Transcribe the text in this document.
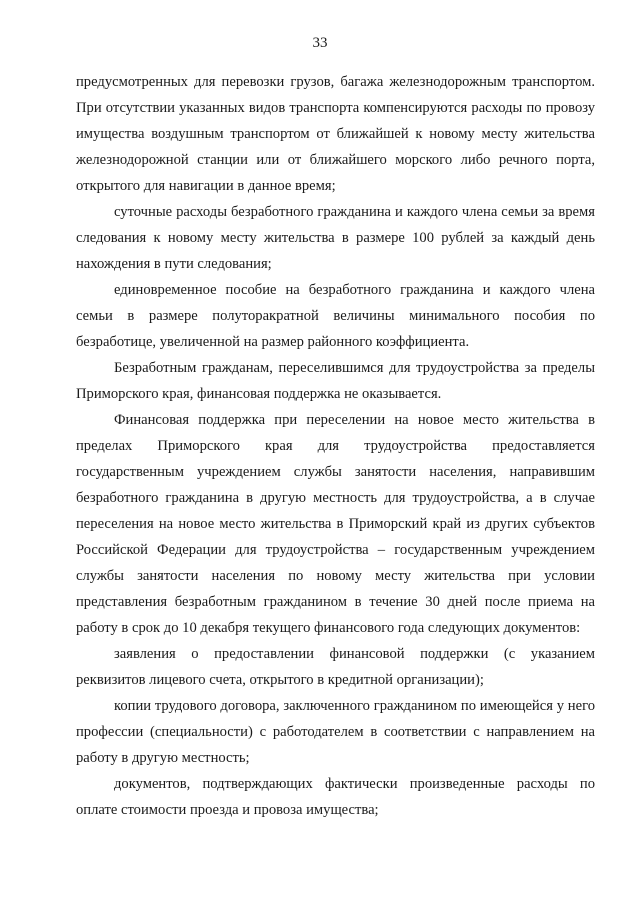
33

предусмотренных для перевозки грузов, багажа железнодорожным транспортом. При отсутствии указанных видов транспорта компенсируются расходы по провозу имущества воздушным транспортом от ближайшей к новому месту жительства железнодорожной станции или от ближайшего морского либо речного порта, открытого для навигации в данное время;

суточные расходы безработного гражданина и каждого члена семьи за время следования к новому месту жительства в размере 100 рублей за каждый день нахождения в пути следования;

единовременное пособие на безработного гражданина и каждого члена семьи в размере полуторакратной величины минимального пособия по безработице, увеличенной на размер районного коэффициента.

Безработным гражданам, переселившимся для трудоустройства за пределы Приморского края, финансовая поддержка не оказывается.

Финансовая поддержка при переселении на новое место жительства в пределах Приморского края для трудоустройства предоставляется государственным учреждением службы занятости населения, направившим безработного гражданина в другую местность для трудоустройства, а в случае переселения на новое место жительства в Приморский край из других субъектов Российской Федерации для трудоустройства – государственным учреждением службы занятости населения по новому месту жительства при условии представления безработным гражданином в течение 30 дней после приема на работу в срок до 10 декабря текущего финансового года следующих документов:

заявления о предоставлении финансовой поддержки (с указанием реквизитов лицевого счета, открытого в кредитной организации);

копии трудового договора, заключенного гражданином по имеющейся у него профессии (специальности) с работодателем в соответствии с направлением на работу в другую местность;

документов, подтверждающих фактически произведенные расходы по оплате стоимости проезда и провоза имущества;
